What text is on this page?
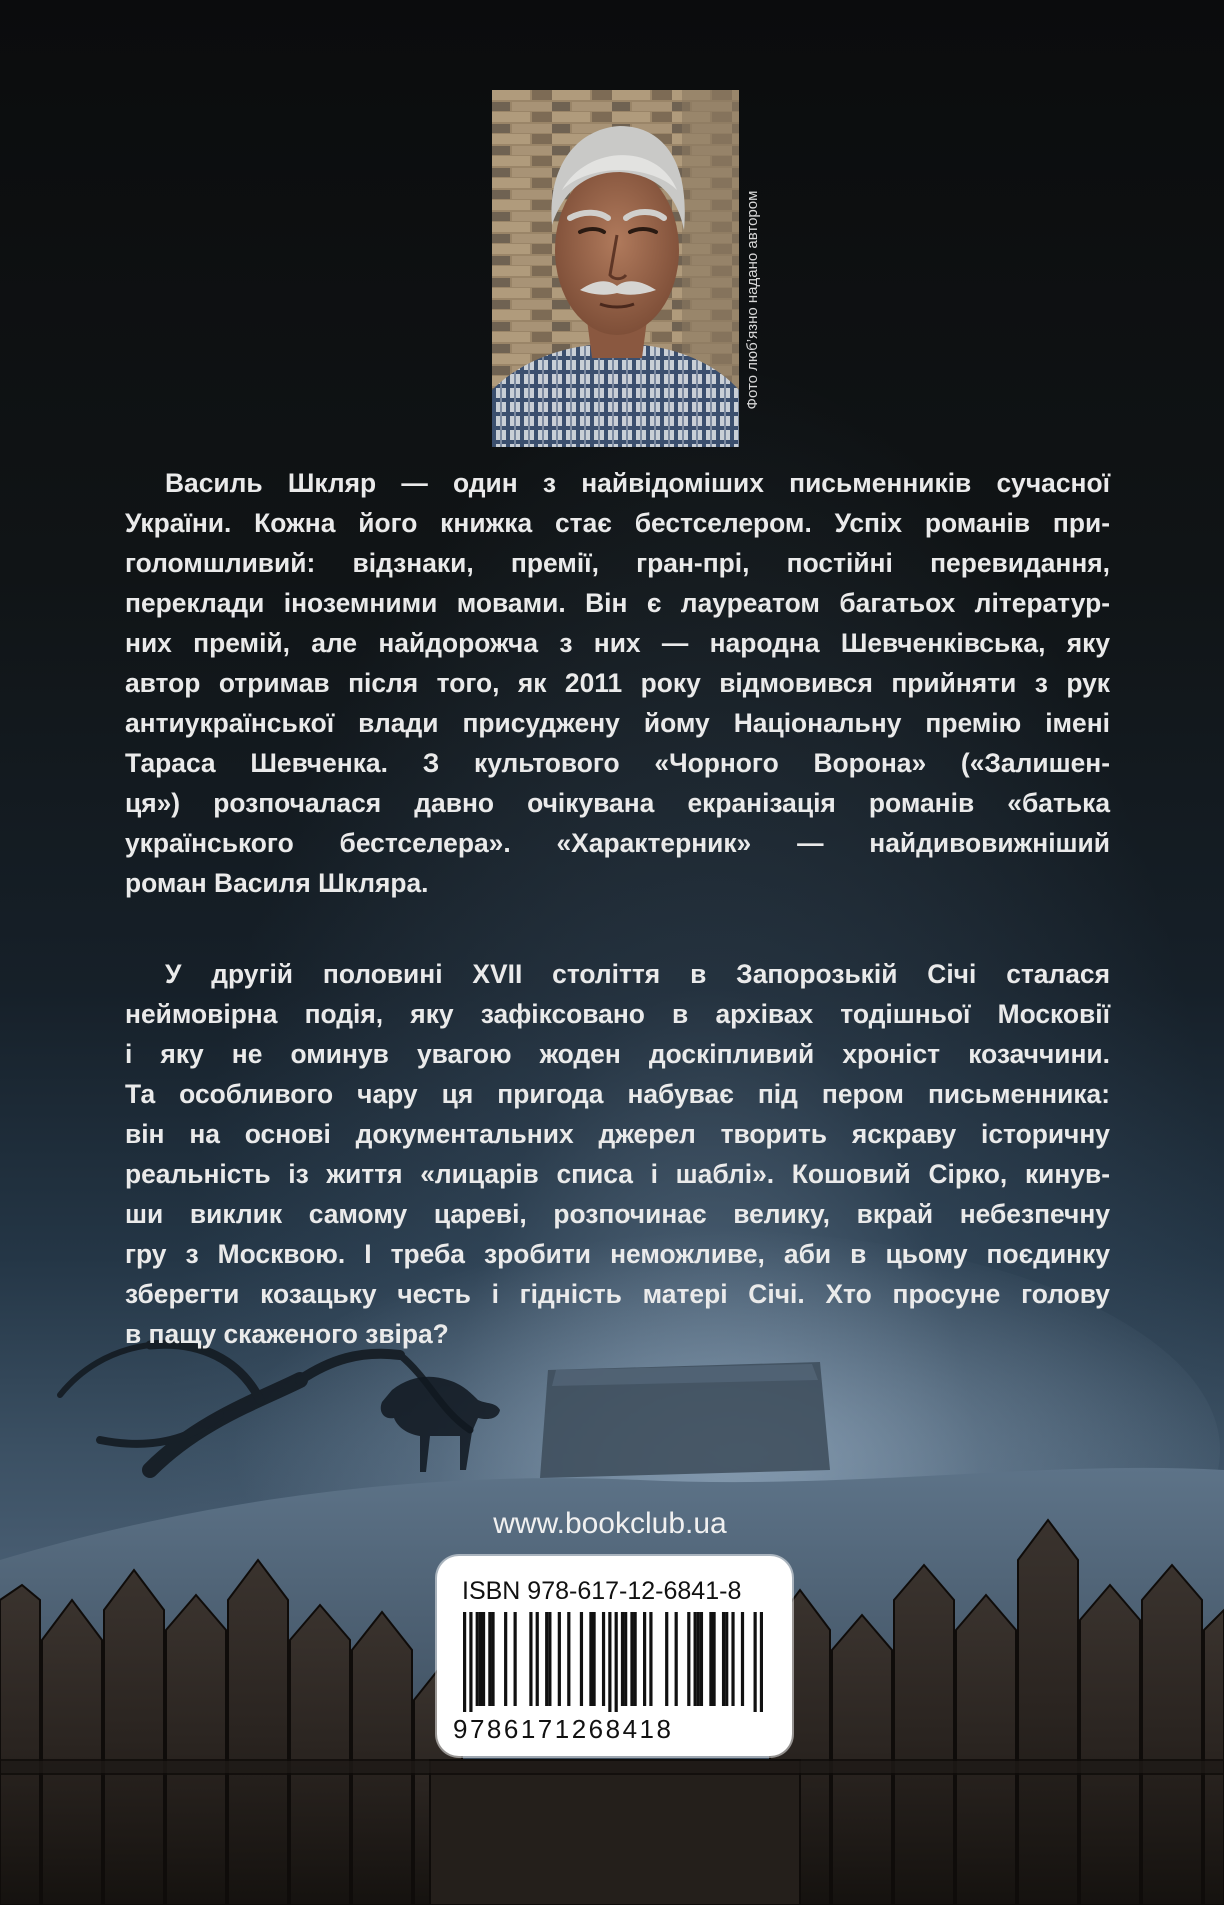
Фото люб’язно надано автором
Василь Шкляр — один з найвідоміших письменників сучасної
України. Кожна його книжка стає бестселером. Успіх романів при-
голомшливий: відзнаки, премії, гран-прі, постійні перевидання,
переклади іноземними мовами. Він є лауреатом багатьох літератур-
них премій, але найдорожча з них — народна Шевченківська, яку
автор отримав після того, як 2011 року відмовився прийняти з рук
антиукраїнської влади присуджену йому Національну премію імені
Тараса Шевченка. З культового «Чорного Ворона» («Залишен-
ця») розпочалася давно очікувана екранізація романів «батька
українського бестселера». «Характерник» — найдивовижніший
роман Василя Шкляра.
У другій половині XVII століття в Запорозькій Січі сталася
неймовірна подія, яку зафіксовано в архівах тодішньої Московії
і яку не оминув увагою жоден доскіпливий хроніст козаччини.
Та особливого чару ця пригода набуває під пером письменника:
він на основі документальних джерел творить яскраву історичну
реальність із життя «лицарів списа і шаблі». Кошовий Сірко, кинув-
ши виклик самому цареві, розпочинає велику, вкрай небезпечну
гру з Москвою. І треба зробити неможливе, аби в цьому поєдинку
зберегти козацьку честь і гідність матері Січі. Хто просуне голову
в пащу скаженого звіра?
www.bookclub.ua
ISBN 978-617-12-6841-8
9786171268418
